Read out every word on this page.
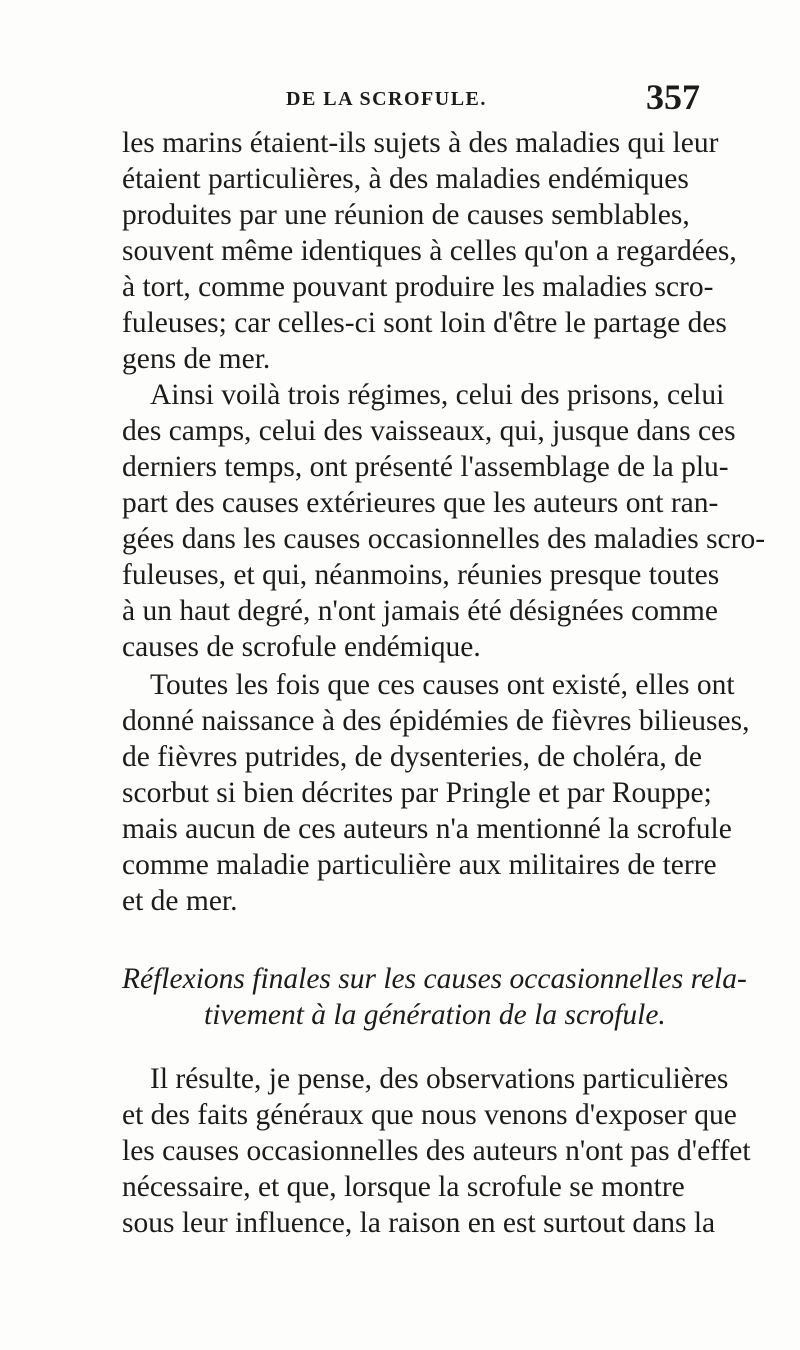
DE LA SCROFULE.	357
les marins étaient-ils sujets à des maladies qui leur
étaient particulières, à des maladies endémiques
produites par une réunion de causes semblables,
souvent même identiques à celles qu'on a regardées,
à tort, comme pouvant produire les maladies scro-
fuleuses; car celles-ci sont loin d'être le partage des
gens de mer.
Ainsi voilà trois régimes, celui des prisons, celui
des camps, celui des vaisseaux, qui, jusque dans ces
derniers temps, ont présenté l'assemblage de la plu-
part des causes extérieures que les auteurs ont ran-
gées dans les causes occasionnelles des maladies scro-
fuleuses, et qui, néanmoins, réunies presque toutes
à un haut degré, n'ont jamais été désignées comme
causes de scrofule endémique.
Toutes les fois que ces causes ont existé, elles ont
donné naissance à des épidémies de fièvres bilieuses,
de fièvres putrides, de dysenteries, de choléra, de
scorbut si bien décrites par Pringle et par Rouppe;
mais aucun de ces auteurs n'a mentionné la scrofule
comme maladie particulière aux militaires de terre
et de mer.
Réflexions finales sur les causes occasionnelles rela-
tivement à la génération de la scrofule.
Il résulte, je pense, des observations particulières
et des faits généraux que nous venons d'exposer que
les causes occasionnelles des auteurs n'ont pas d'effet
nécessaire, et que, lorsque la scrofule se montre
sous leur influence, la raison en est surtout dans la
